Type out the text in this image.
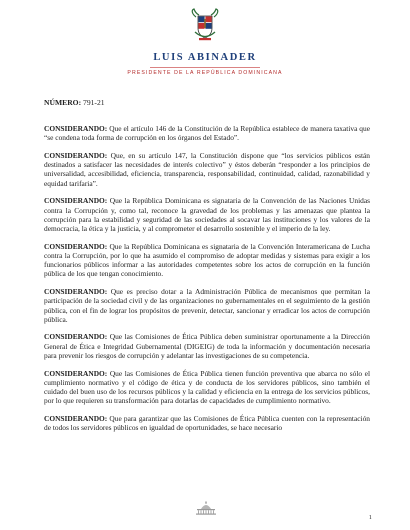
LUIS ABINADER
PRESIDENTE DE LA REPÚBLICA DOMINICANA
NÚMERO: 791-21

CONSIDERANDO: Que el artículo 146 de la Constitución de la República establece de manera taxativa que “se condena toda forma de corrupción en los órganos del Estado”.

CONSIDERANDO: Que, en su artículo 147, la Constitución dispone que “los servicios públicos están destinados a satisfacer las necesidades de interés colectivo” y éstos deberán “responder a los principios de universalidad, accesibilidad, eficiencia, transparencia, responsabilidad, continuidad, calidad, razonabilidad y equidad tarifaria”.

CONSIDERANDO: Que la República Dominicana es signataria de la Convención de las Naciones Unidas contra la Corrupción y, como tal, reconoce la gravedad de los problemas y las amenazas que plantea la corrupción para la estabilidad y seguridad de las sociedades al socavar las instituciones y los valores de la democracia, la ética y la justicia, y al comprometer el desarrollo sostenible y el imperio de la ley.

CONSIDERANDO: Que la República Dominicana es signataria de la Convención Interamericana de Lucha contra la Corrupción, por lo que ha asumido el compromiso de adoptar medidas y sistemas para exigir a los funcionarios públicos informar a las autoridades competentes sobre los actos de corrupción en la función pública de los que tengan conocimiento.

CONSIDERANDO: Que es preciso dotar a la Administración Pública de mecanismos que permitan la participación de la sociedad civil y de las organizaciones no gubernamentales en el seguimiento de la gestión pública, con el fin de lograr los propósitos de prevenir, detectar, sancionar y erradicar los actos de corrupción pública.

CONSIDERANDO: Que las Comisiones de Ética Pública deben suministrar oportunamente a la Dirección General de Ética e Integridad Gubernamental (DIGEIG) de toda la información y documentación necesaria para prevenir los riesgos de corrupción y adelantar las investigaciones de su competencia.

CONSIDERANDO: Que las Comisiones de Ética Pública tienen función preventiva que abarca no sólo el cumplimiento normativo y el código de ética y de conducta de los servidores públicos, sino también el cuidado del buen uso de los recursos públicos y la calidad y eficiencia en la entrega de los servicios públicos, por lo que requieren su transformación para dotarlas de capacidades de cumplimiento normativo.

CONSIDERANDO: Que para garantizar que las Comisiones de Ética Pública cuenten con la representación de todos los servidores públicos en igualdad de oportunidades, se hace necesario

1
